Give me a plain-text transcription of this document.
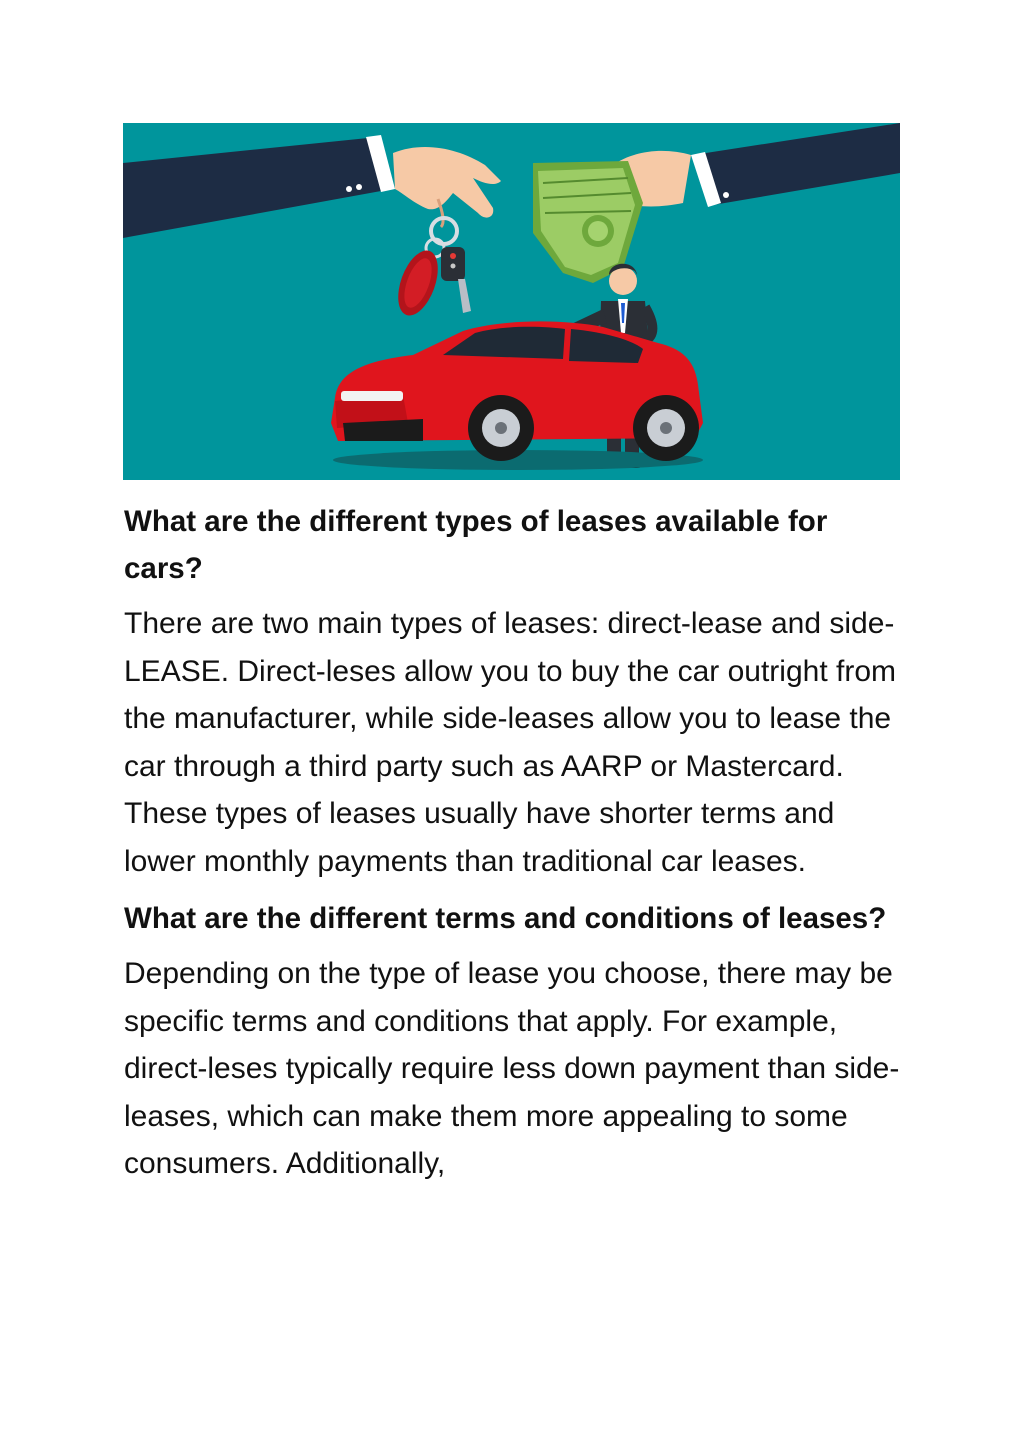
What are the different types of leases available for cars?

There are two main types of leases: direct-lease and side-LEASE. Direct-leses allow you to buy the car outright from the manufacturer, while side-leases allow you to lease the car through a third party such as AARP or Mastercard. These types of leases usually have shorter terms and lower monthly payments than traditional car leases.

What are the different terms and conditions of leases?

Depending on the type of lease you choose, there may be specific terms and conditions that apply. For example, direct-leses typically require less down payment than side-leases, which can make them more appealing to some consumers. Additionally,
